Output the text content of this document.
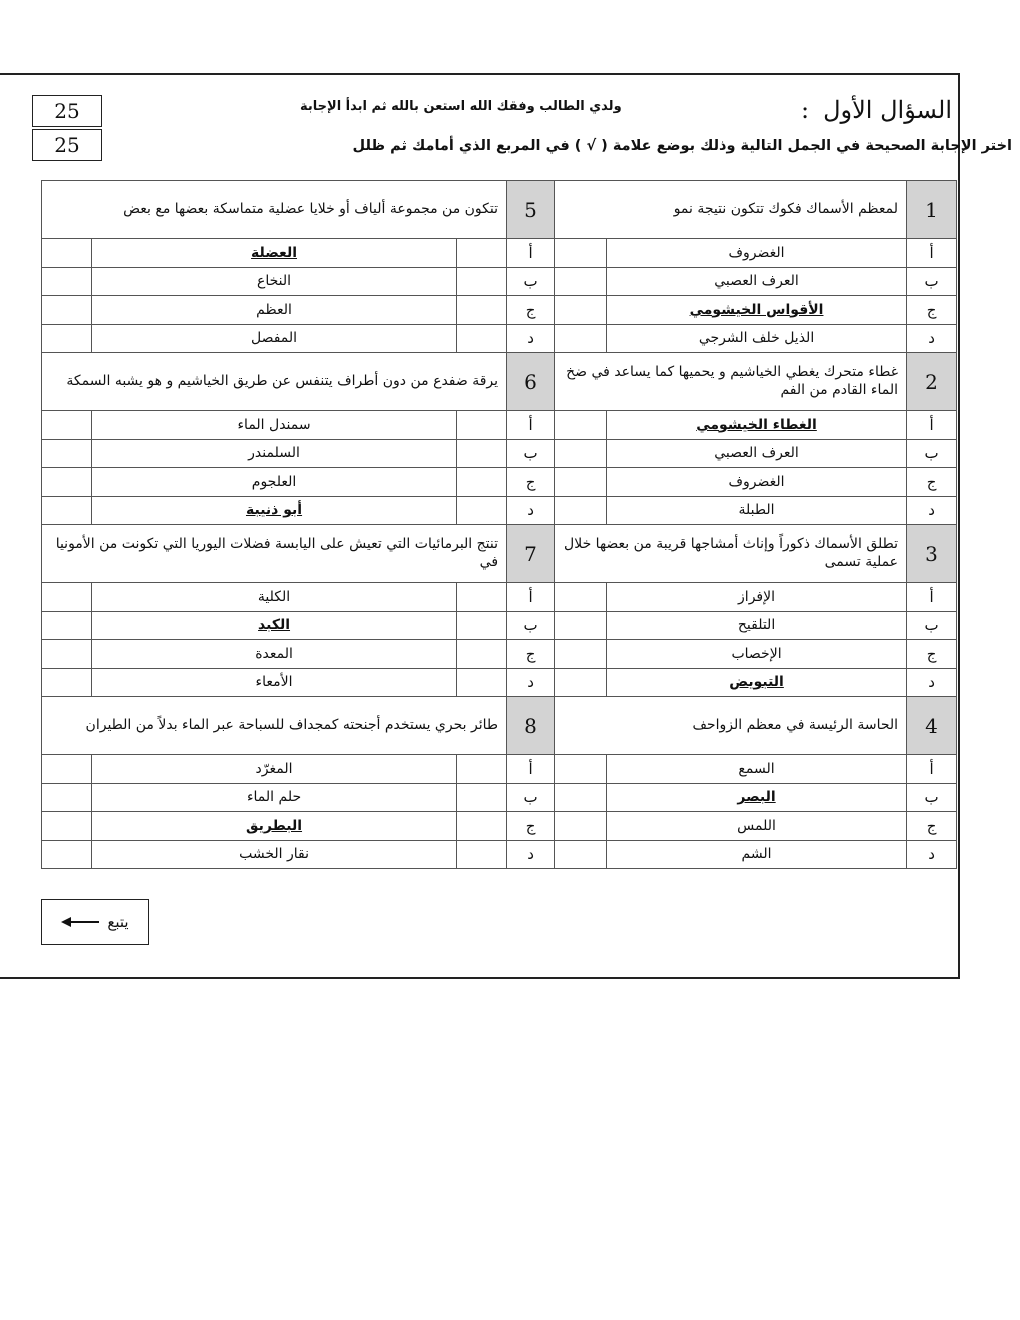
25
25
السؤال الأول:
ولدي الطالب وفقك الله استعن بالله ثم ابدأ الإجابة
اختر الإجابة الصحيحة في الجمل التالية وذلك بوضع علامة ( √ ) في المربع الذي أمامك ثم ظلل
1	لمعظم الأسماك فكوك تتكون نتيجة نمو		5	تتكون من مجموعة ألياف أو خلايا عضلية متماسكة بعضها مع بعض		
أ	الغضروف		أ		العضلة	
ب	العرف العصبي		ب		النخاع	
ج	الأقواس الخيشومي		ج		العظم	
د	الذيل خلف الشرجي		د		المفصل	
2	غطاء متحرك يغطي الخياشيم و يحميها كما يساعد في ضخ الماء القادم من الفم		6	يرقة ضفدع من دون أطراف يتنفس عن طريق الخياشيم و هو يشبه السمكة		
أ	الغطاء الخيشومي		أ		سمندل الماء	
ب	العرف العصبي		ب		السلمندر	
ج	الغضروف		ج		العلجوم	
د	الطبلة		د		أبو ذنيبة	
3	تطلق الأسماك ذكوراً وإناث أمشاجها قريبة من بعضها خلال عملية تسمى		7	تنتج البرمائيات التي تعيش على اليابسة فضلات اليوريا التي تكونت من الأمونيا في		
أ	الإفراز		أ		الكلية	
ب	التلقيح		ب		الكبد	
ج	الإخصاب		ج		المعدة	
د	التبويض		د		الأمعاء	
4	الحاسة الرئيسة في معظم الزواحف		8	طائر بحري يستخدم أجنحته كمجداف للسباحة عبر الماء بدلاً من الطيران		
أ	السمع		أ		المغرّد	
ب	البصر		ب		حلم الماء	
ج	اللمس		ج		البطريق	
د	الشم		د		نقار الخشب	
يتبع
